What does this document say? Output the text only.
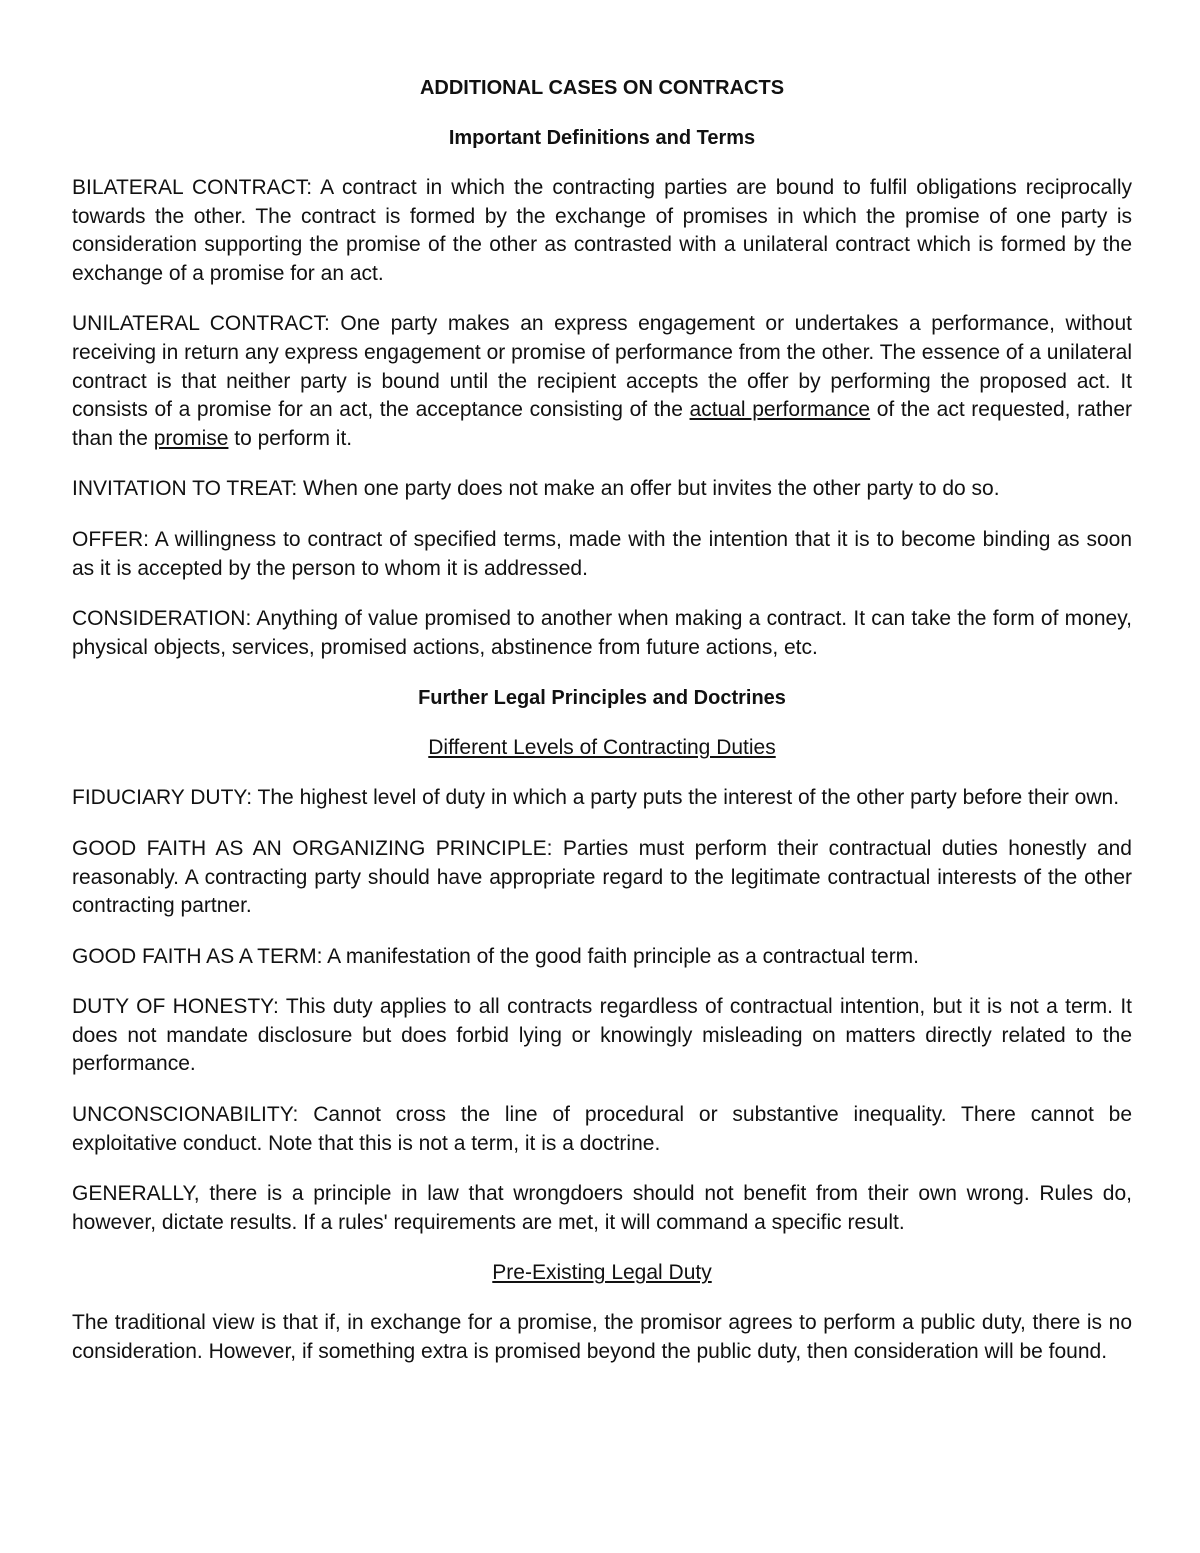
ADDITIONAL CASES ON CONTRACTS
Important Definitions and Terms

BILATERAL CONTRACT: A contract in which the contracting parties are bound to fulfil obligations reciprocally towards the other. The contract is formed by the exchange of promises in which the promise of one party is consideration supporting the promise of the other as contrasted with a unilateral contract which is formed by the exchange of a promise for an act.

UNILATERAL CONTRACT: One party makes an express engagement or undertakes a performance, without receiving in return any express engagement or promise of performance from the other. The essence of a unilateral contract is that neither party is bound until the recipient accepts the offer by performing the proposed act. It consists of a promise for an act, the acceptance consisting of the actual performance of the act requested, rather than the promise to perform it.

INVITATION TO TREAT: When one party does not make an offer but invites the other party to do so.

OFFER: A willingness to contract of specified terms, made with the intention that it is to become binding as soon as it is accepted by the person to whom it is addressed.

CONSIDERATION: Anything of value promised to another when making a contract. It can take the form of money, physical objects, services, promised actions, abstinence from future actions, etc.

Further Legal Principles and Doctrines
Different Levels of Contracting Duties

FIDUCIARY DUTY: The highest level of duty in which a party puts the interest of the other party before their own.

GOOD FAITH AS AN ORGANIZING PRINCIPLE: Parties must perform their contractual duties honestly and reasonably. A contracting party should have appropriate regard to the legitimate contractual interests of the other contracting partner.

GOOD FAITH AS A TERM: A manifestation of the good faith principle as a contractual term.

DUTY OF HONESTY: This duty applies to all contracts regardless of contractual intention, but it is not a term. It does not mandate disclosure but does forbid lying or knowingly misleading on matters directly related to the performance.

UNCONSCIONABILITY: Cannot cross the line of procedural or substantive inequality. There cannot be exploitative conduct. Note that this is not a term, it is a doctrine.

GENERALLY, there is a principle in law that wrongdoers should not benefit from their own wrong. Rules do, however, dictate results. If a rules' requirements are met, it will command a specific result.

Pre-Existing Legal Duty

The traditional view is that if, in exchange for a promise, the promisor agrees to perform a public duty, there is no consideration. However, if something extra is promised beyond the public duty, then consideration will be found.
